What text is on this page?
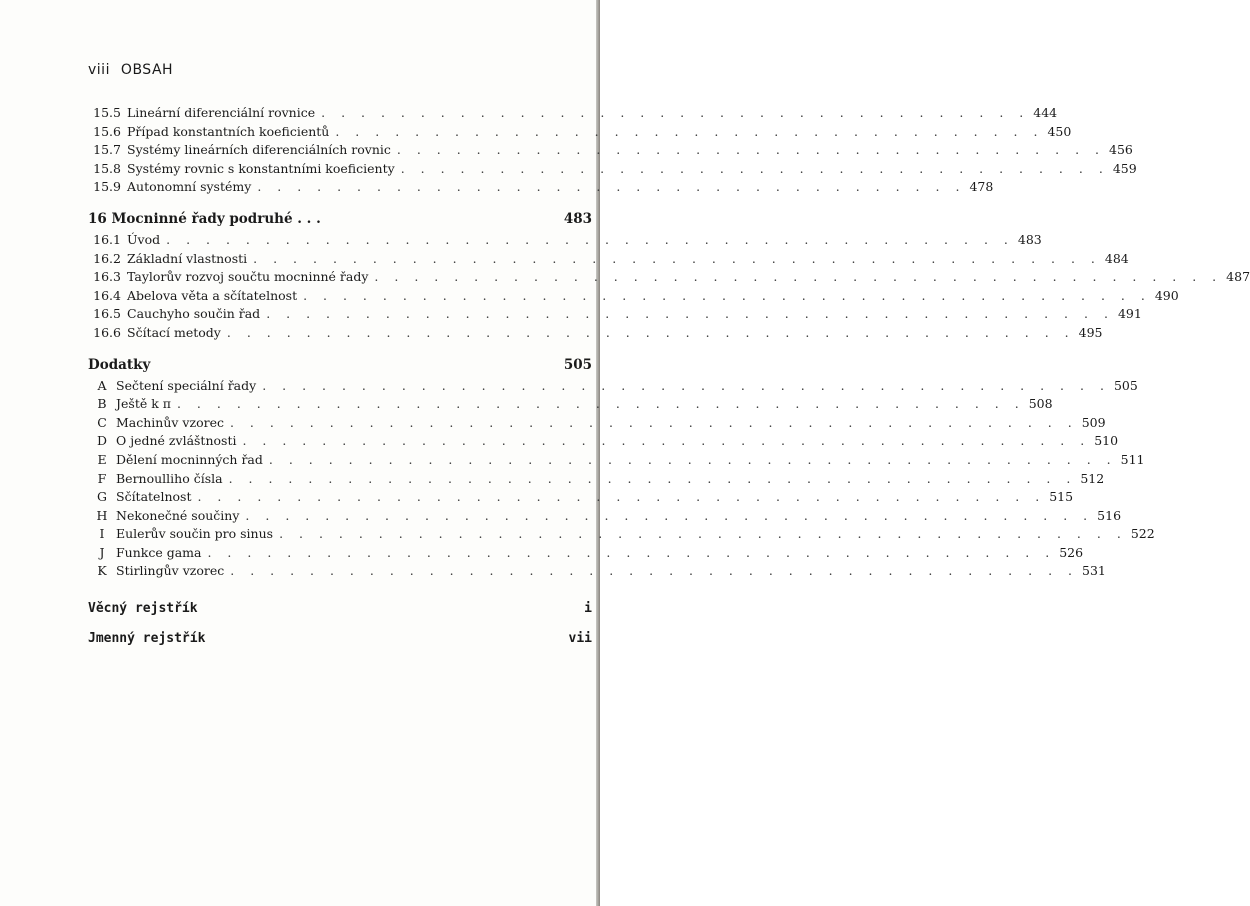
viii OBSAH
15.5 Lineární diferenciální rovnice . . . . . . . . . . . . . . . . . . . . . . . . . . . . . . . . . . . . 444
15.6 Případ konstantních koeficientů . . . . . . . . . . . . . . . . . . . . . . . . . . . . . . . . . . . . 450
15.7 Systémy lineárních diferenciálních rovnic . . . . . . . . . . . . . . . . . . . . . . . . . . . . . . . . . . . . 456
15.8 Systémy rovnic s konstantními koeficienty . . . . . . . . . . . . . . . . . . . . . . . . . . . . . . . . . . . . 459
15.9 Autonomní systémy . . . . . . . . . . . . . . . . . . . . . . . . . . . . . . . . . . . . 478
16 Mocninné řady podruhé . . .	483
16.1 Úvod . . . . . . . . . . . . . . . . . . . . . . . . . . . . . . . . . . . . . . . . . . . 483
16.2 Základní vlastnosti . . . . . . . . . . . . . . . . . . . . . . . . . . . . . . . . . . . . . . . . . . . 484
16.3 Taylorův rozvoj součtu mocninné řady . . . . . . . . . . . . . . . . . . . . . . . . . . . . . . . . . . . . . . . . . . . 487
16.4 Abelova věta a sčítatelnost . . . . . . . . . . . . . . . . . . . . . . . . . . . . . . . . . . . . . . . . . . . 490
16.5 Cauchyho součin řad . . . . . . . . . . . . . . . . . . . . . . . . . . . . . . . . . . . . . . . . . . . 491
16.6 Sčítací metody . . . . . . . . . . . . . . . . . . . . . . . . . . . . . . . . . . . . . . . . . . . 495
Dodatky	505
A Sečtení speciální řady . . . . . . . . . . . . . . . . . . . . . . . . . . . . . . . . . . . . . . . . . . . 505
B Ještě k π . . . . . . . . . . . . . . . . . . . . . . . . . . . . . . . . . . . . . . . . . . . 508
C Machinův vzorec . . . . . . . . . . . . . . . . . . . . . . . . . . . . . . . . . . . . . . . . . . . 509
D O jedné zvláštnosti . . . . . . . . . . . . . . . . . . . . . . . . . . . . . . . . . . . . . . . . . . . 510
E Dělení mocninných řad . . . . . . . . . . . . . . . . . . . . . . . . . . . . . . . . . . . . . . . . . . . 511
F Bernoulliho čísla . . . . . . . . . . . . . . . . . . . . . . . . . . . . . . . . . . . . . . . . . . . 512
G Sčítatelnost . . . . . . . . . . . . . . . . . . . . . . . . . . . . . . . . . . . . . . . . . . . 515
H Nekonečné součiny . . . . . . . . . . . . . . . . . . . . . . . . . . . . . . . . . . . . . . . . . . . 516
I Eulerův součin pro sinus . . . . . . . . . . . . . . . . . . . . . . . . . . . . . . . . . . . . . . . . . . . 522
J Funkce gama . . . . . . . . . . . . . . . . . . . . . . . . . . . . . . . . . . . . . . . . . . . 526
K Stirlingův vzorec . . . . . . . . . . . . . . . . . . . . . . . . . . . . . . . . . . . . . . . . . . . 531
Věcný rejstřík	i
Jmenný rejstřík	vii
